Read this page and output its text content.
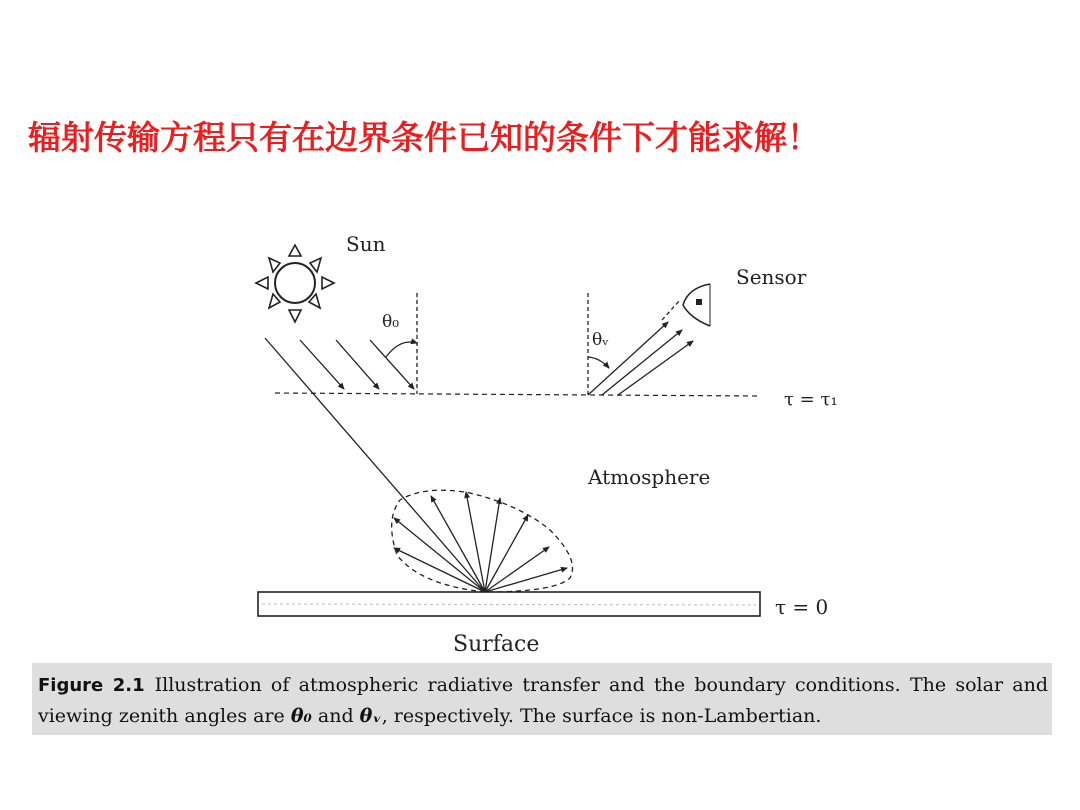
辐射传输方程只有在边界条件已知的条件下才能求解！
Sun
θ₀
τ = τ₁
Sensor
θᵥ
Atmosphere
Surface
τ = 0
Figure 2.1 Illustration of atmospheric radiative transfer and the boundary conditions. The solar and viewing zenith angles are θ₀ and θᵥ, respectively. The surface is non-Lambertian.
